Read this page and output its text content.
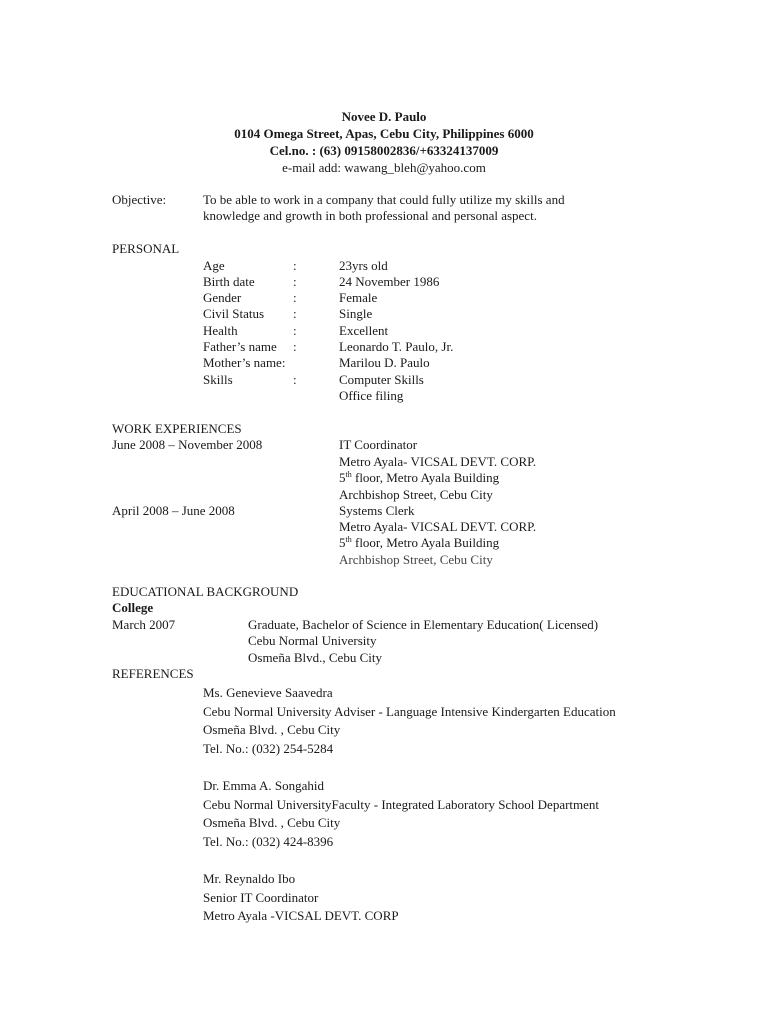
Novee D. Paulo
0104 Omega Street, Apas, Cebu City, Philippines 6000
Cel.no. : (63) 09158002836/+63324137009
e-mail add: wawang_bleh@yahoo.com
Objective:	To be able to work in a company that could fully utilize my skills and
knowledge and growth in both professional and personal aspect.
PERSONAL
Age	:	23yrs old
Birth date	:	24 November 1986
Gender	:	Female
Civil Status :	Single
Health	:	Excellent
Father’s name :	Leonardo T. Paulo, Jr.
Mother’s name:	Marilou D. Paulo
Skills	:	Computer Skills
Office filing
WORK EXPERIENCES
June 2008 – November 2008	IT Coordinator
Metro Ayala- VICSAL DEVT. CORP.
5th floor, Metro Ayala Building
Archbishop Street, Cebu City
April 2008 – June 2008	Systems Clerk
Metro Ayala- VICSAL DEVT. CORP.
5th floor, Metro Ayala Building
Archbishop Street, Cebu City
EDUCATIONAL BACKGROUND
College
March 2007	Graduate, Bachelor of Science in Elementary Education( Licensed)
Cebu Normal University
Osmeña Blvd., Cebu City
REFERENCES
Ms. Genevieve Saavedra
Cebu Normal University Adviser - Language Intensive Kindergarten Education
Osmeña Blvd. , Cebu City
Tel. No.: (032) 254-5284
Dr. Emma A. Songahid
Cebu Normal UniversityFaculty - Integrated Laboratory School Department
Osmeña Blvd. , Cebu City
Tel. No.: (032) 424-8396
Mr. Reynaldo Ibo
Senior IT Coordinator
Metro Ayala -VICSAL DEVT. CORP
